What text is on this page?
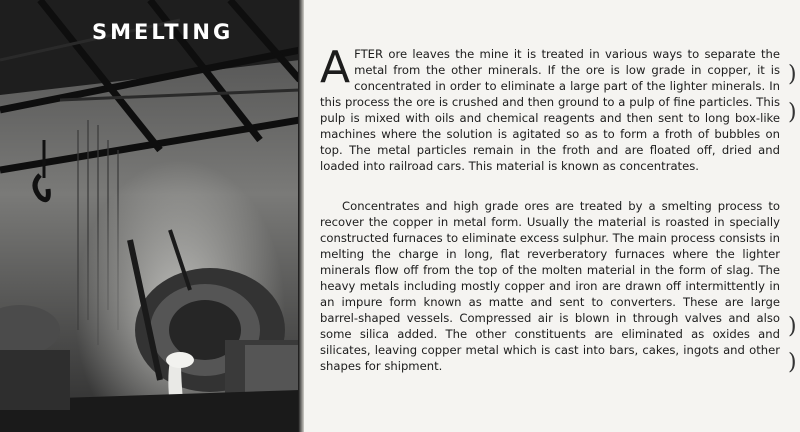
SMELTING

AFTER ore leaves the mine it is treated in various ways to separate the metal from the other minerals. If the ore is low grade in copper, it is concentrated in order to eliminate a large part of the lighter minerals. In this process the ore is crushed and then ground to a pulp of fine particles. This pulp is mixed with oils and chemical reagents and then sent to long box-like machines where the solution is agitated so as to form a froth of bubbles on top. The metal particles remain in the froth and are floated off, dried and loaded into railroad cars. This material is known as concentrates.

Concentrates and high grade ores are treated by a smelting process to recover the copper in metal form. Usually the material is roasted in specially constructed furnaces to eliminate excess sulphur. The main process consists in melting the charge in long, flat reverberatory furnaces where the lighter minerals flow off from the top of the molten material in the form of slag. The heavy metals including mostly copper and iron are drawn off intermittently in an impure form known as matte and sent to converters. These are large barrel-shaped vessels. Compressed air is blown in through valves and also some silica added. The other constituents are eliminated as oxides and silicates, leaving copper metal which is cast into bars, cakes, ingots and other shapes for shipment.

)
)
)
)
